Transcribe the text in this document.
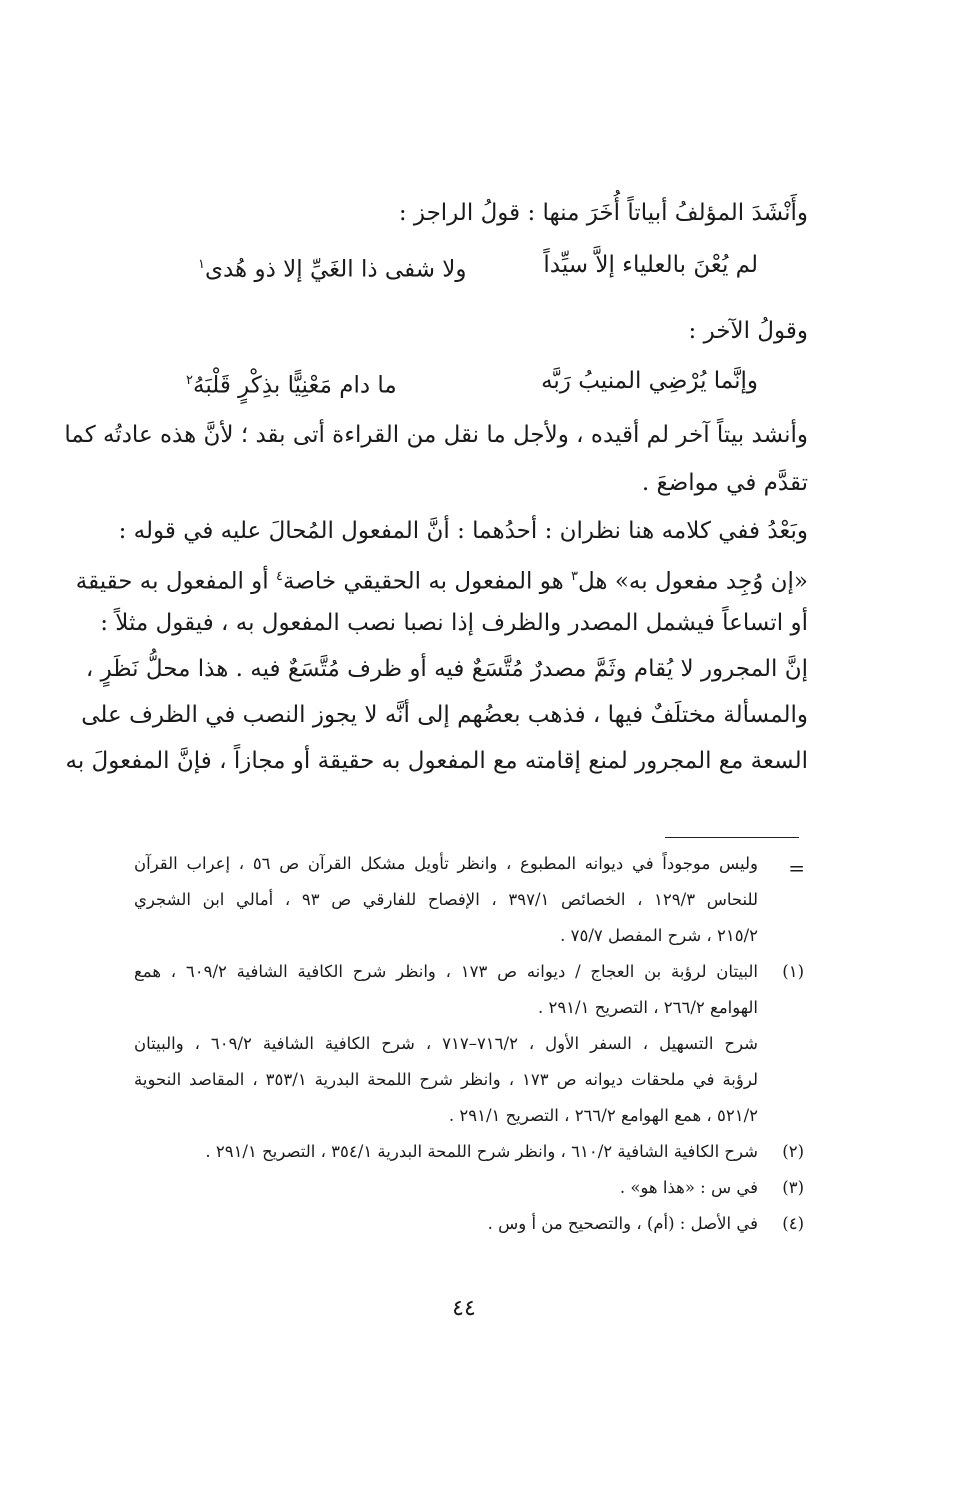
وأَنْشَدَ المؤلفُ أبياتاً أُخَرَ منها : قولُ الراجز :
لم يُعْنَ بالعلياء إلاَّ سيِّداً
ولا شفى ذا الغَيِّ إلا ذو هُدى$^١$
وقولُ الآخر :
وإنَّما يُرْضِي المنيبُ رَبَّه
ما دام مَعْنِيًّا بذِكْرٍ قَلْبَهُ$^٢$
وأنشد بيتاً آخر لم أقيده ، ولأجل ما نقل من القراءة أتى بقد ؛ لأنَّ هذه عادتُه كما
تقدَّم في مواضعَ .
وبَعْدُ ففي كلامه هنا نظران : أحدُهما : أنَّ المفعول المُحالَ عليه في قوله :
«إن وُجِد مفعول به» هل$^٣$ هو المفعول به الحقيقي خاصة$^٤$ أو المفعول به حقيقة
أو اتساعاً فيشمل المصدر والظرف إذا نصبا نصب المفعول به ، فيقول مثلاً :
إنَّ المجرور لا يُقام وثَمَّ مصدرٌ مُتَّسَعٌ فيه أو ظرف مُتَّسَعٌ فيه . هذا محلُّ نَظَرٍ ،
والمسألة مختلَفٌ فيها ، فذهب بعضُهم إلى أنَّه لا يجوز النصب في الظرف على
السعة مع المجرور لمنع إقامته مع المفعول به حقيقة أو مجازاً ، فإنَّ المفعولَ به
=
وليس موجوداً في ديوانه المطبوع ، وانظر تأويل مشكل القرآن ص ٥٦ ، إعراب القرآن
للنحاس ١٢٩/٣ ، الخصائص ٣٩٧/١ ، الإفصاح للفارقي ص ٩٣ ، أمالي ابن الشجري
٢١٥/٢ ، شرح المفصل ٧٥/٧ .
(١)
البيتان لرؤبة بن العجاج / ديوانه ص ١٧٣ ، وانظر شرح الكافية الشافية ٦٠٩/٢ ، همع
الهوامع ٢٦٦/٢ ، التصريح ٢٩١/١ .
شرح التسهيل ، السفر الأول ، ٧١٦/٢–٧١٧ ، شرح الكافية الشافية ٦٠٩/٢ ، والبيتان
لرؤبة في ملحقات ديوانه ص ١٧٣ ، وانظر شرح اللمحة البدرية ٣٥٣/١ ، المقاصد النحوية
٥٢١/٢ ، همع الهوامع ٢٦٦/٢ ، التصريح ٢٩١/١ .
(٢)
شرح الكافية الشافية ٦١٠/٢ ، وانظر شرح اللمحة البدرية ٣٥٤/١ ، التصريح ٢٩١/١ .
(٣)
في س : «هذا هو» .
(٤)
في الأصل : (أم) ، والتصحيح من أ وس .
٤٤
